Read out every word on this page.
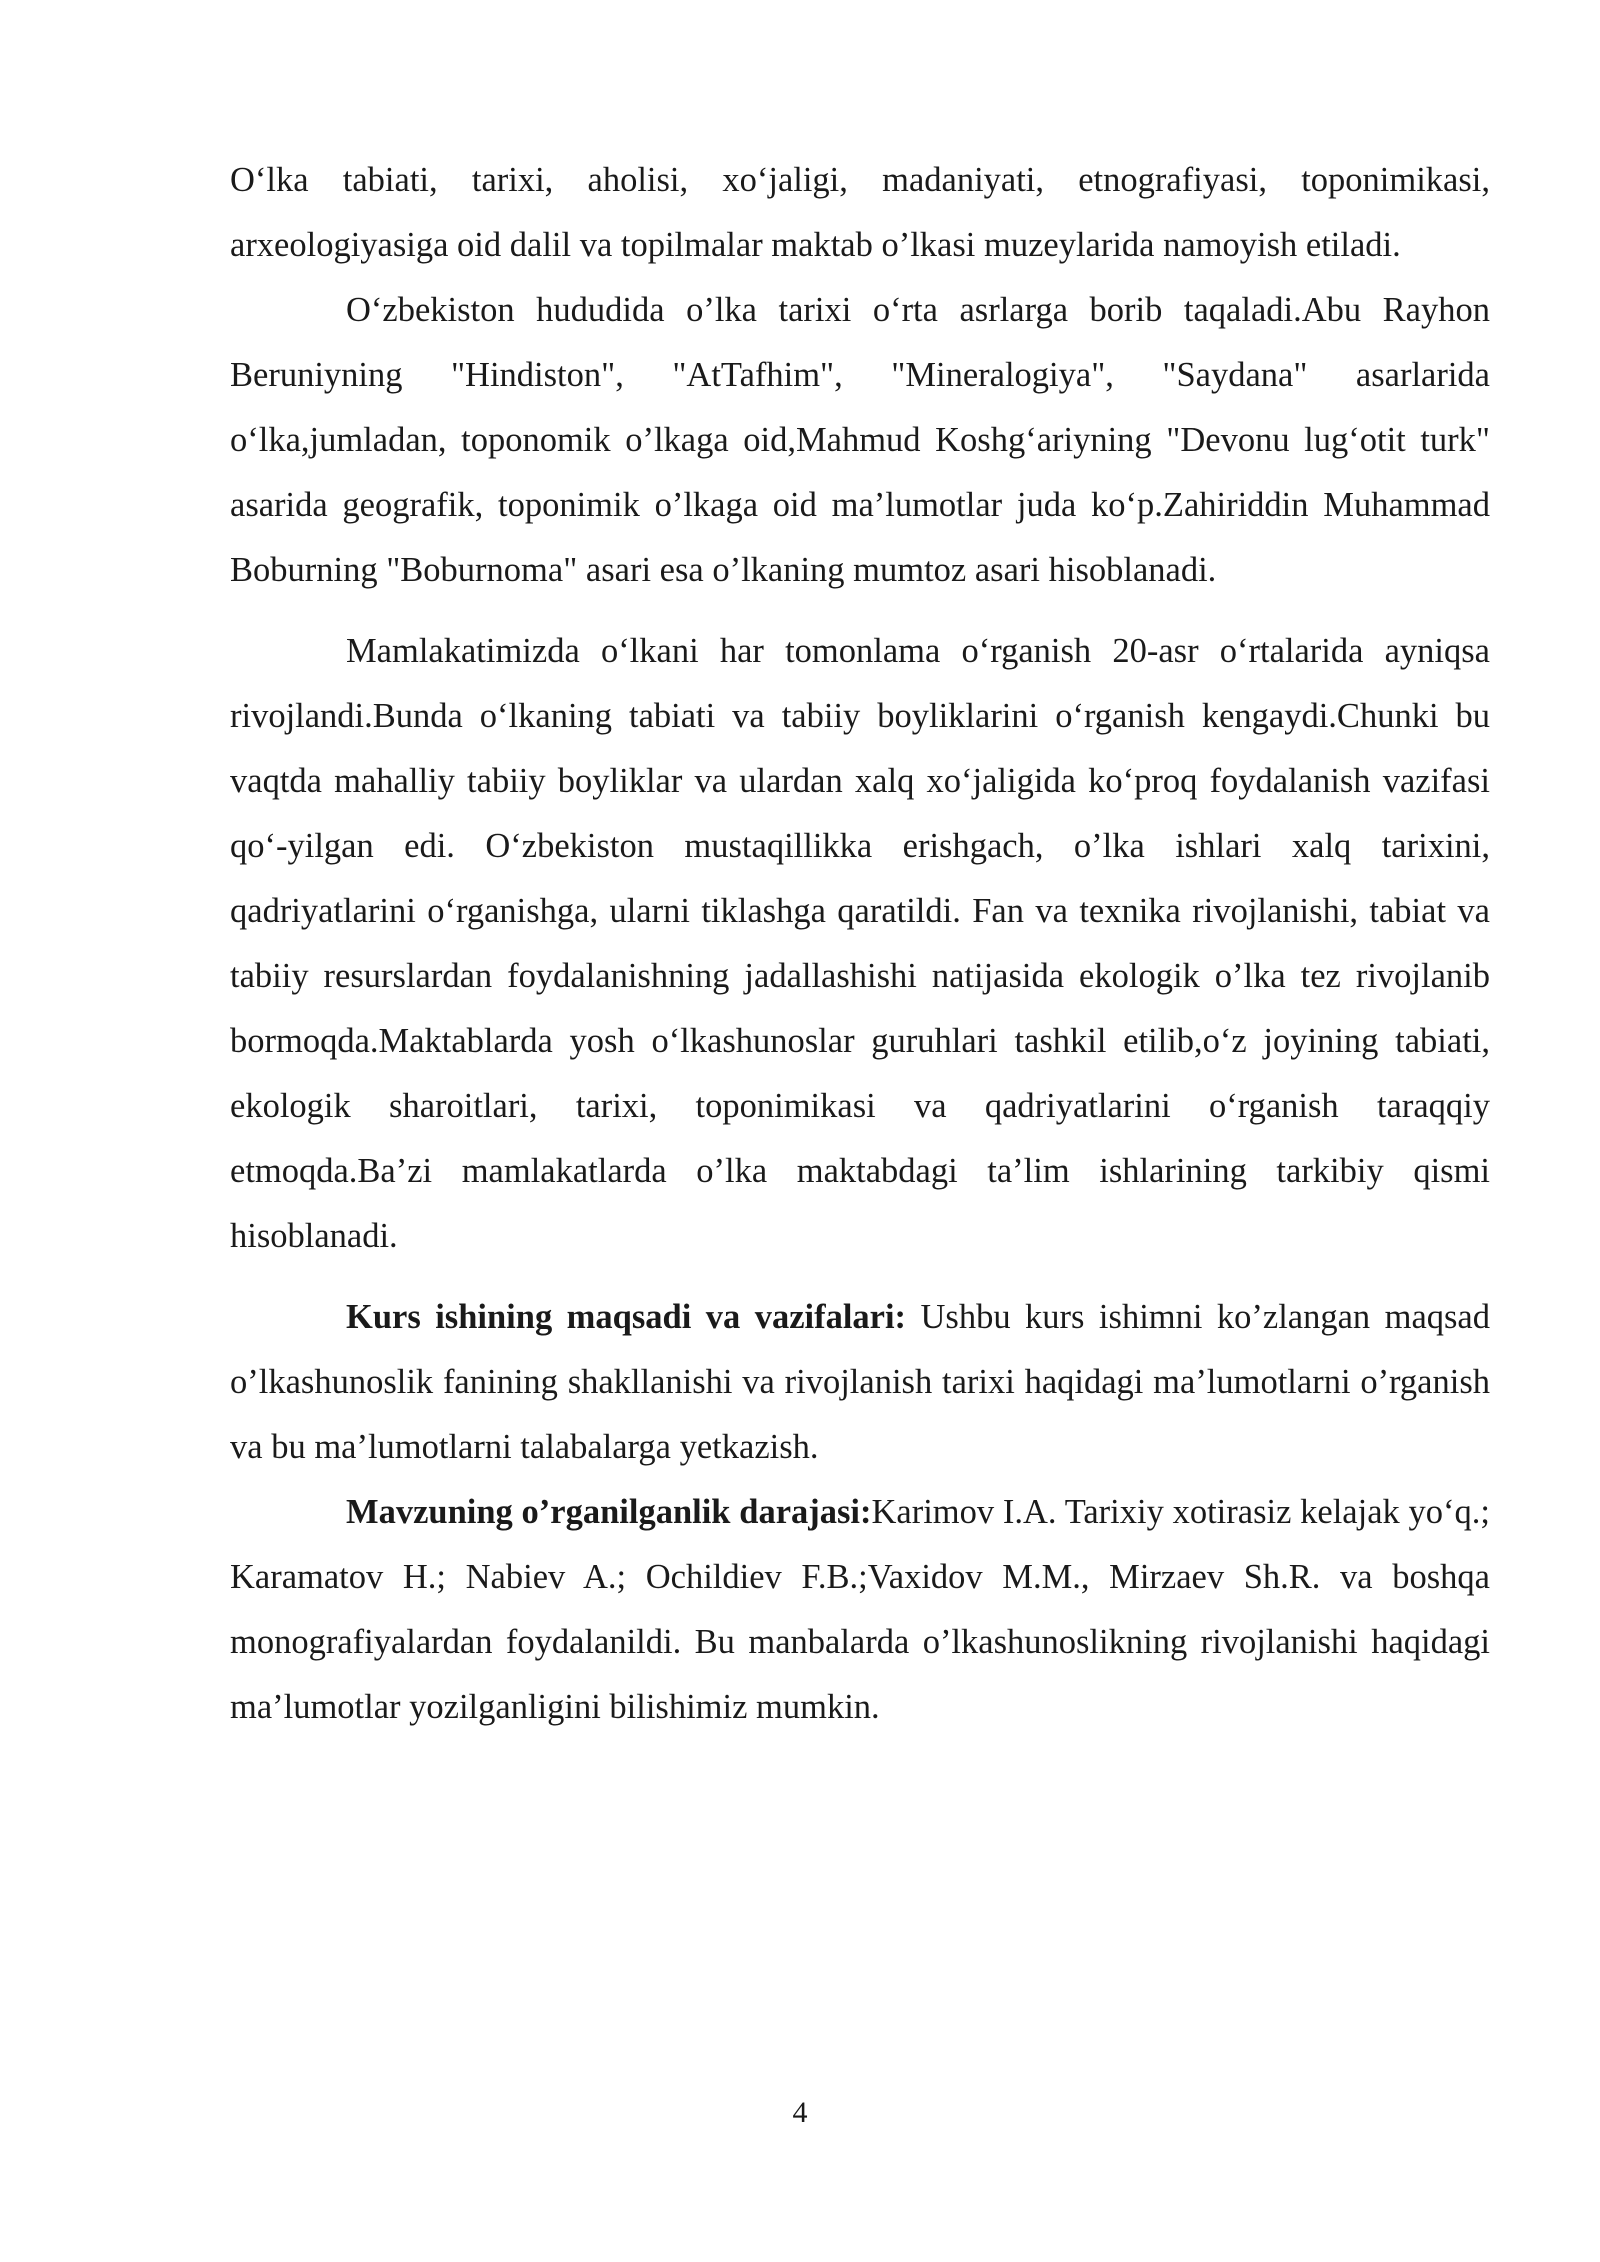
O‘lka tabiati, tarixi, aholisi, xo‘jaligi, madaniyati, etnografiyasi, toponimikasi, arxeologiyasiga oid dalil va topilmalar maktab o’lkasi muzeylarida namoyish etiladi.

O‘zbekiston hududida o’lka tarixi o‘rta asrlarga borib taqaladi.Abu Rayhon Beruniyning "Hindiston", "AtTafhim", "Mineralogiya", "Saydana" asarlarida o‘lka,jumladan, toponomik o’lkaga oid,Mahmud Koshg‘ariyning "Devonu lug‘otit turk" asarida geografik, toponimik o’lkaga oid ma’lumotlar juda ko‘p.Zahiriddin Muhammad Boburning "Boburnoma" asari esa o’lkaning mumtoz asari hisoblanadi.

Mamlakatimizda o‘lkani har tomonlama o‘rganish 20-asr o‘rtalarida ayniqsa rivojlandi.Bunda o‘lkaning tabiati va tabiiy boyliklarini o‘rganish kengaydi.Chunki bu vaqtda mahalliy tabiiy boyliklar va ulardan xalq xo‘jaligida ko‘proq foydalanish vazifasi qo‘-yilgan edi. O‘zbekiston mustaqillikka erishgach, o’lka ishlari xalq tarixini, qadriyatlarini o‘rganishga, ularni tiklashga qaratildi. Fan va texnika rivojlanishi, tabiat va tabiiy resurslardan foydalanishning jadallashishi natijasida ekologik o’lka tez rivojlanib bormoqda.Maktablarda yosh o‘lkashunoslar guruhlari tashkil etilib,o‘z joyining tabiati, ekologik sharoitlari, tarixi, toponimikasi va qadriyatlarini o‘rganish taraqqiy etmoqda.Ba’zi mamlakatlarda o’lka maktabdagi ta’lim ishlarining tarkibiy qismi hisoblanadi.

Kurs ishining maqsadi va vazifalari: Ushbu kurs ishimni ko’zlangan maqsad o’lkashunoslik fanining shakllanishi va rivojlanish tarixi haqidagi ma’lumotlarni o’rganish va bu ma’lumotlarni talabalarga yetkazish.

Mavzuning o’rganilganlik darajasi:Karimov I.A. Tarixiy xotirasiz kelajak yo‘q.; Karamatov H.; Nabiev A.; Ochildiev F.B.;Vaxidov M.M., Mirzaev Sh.R. va boshqa monografiyalardan foydalanildi. Bu manbalarda o’lkashunoslikning rivojlanishi haqidagi ma’lumotlar yozilganligini bilishimiz mumkin.

4
